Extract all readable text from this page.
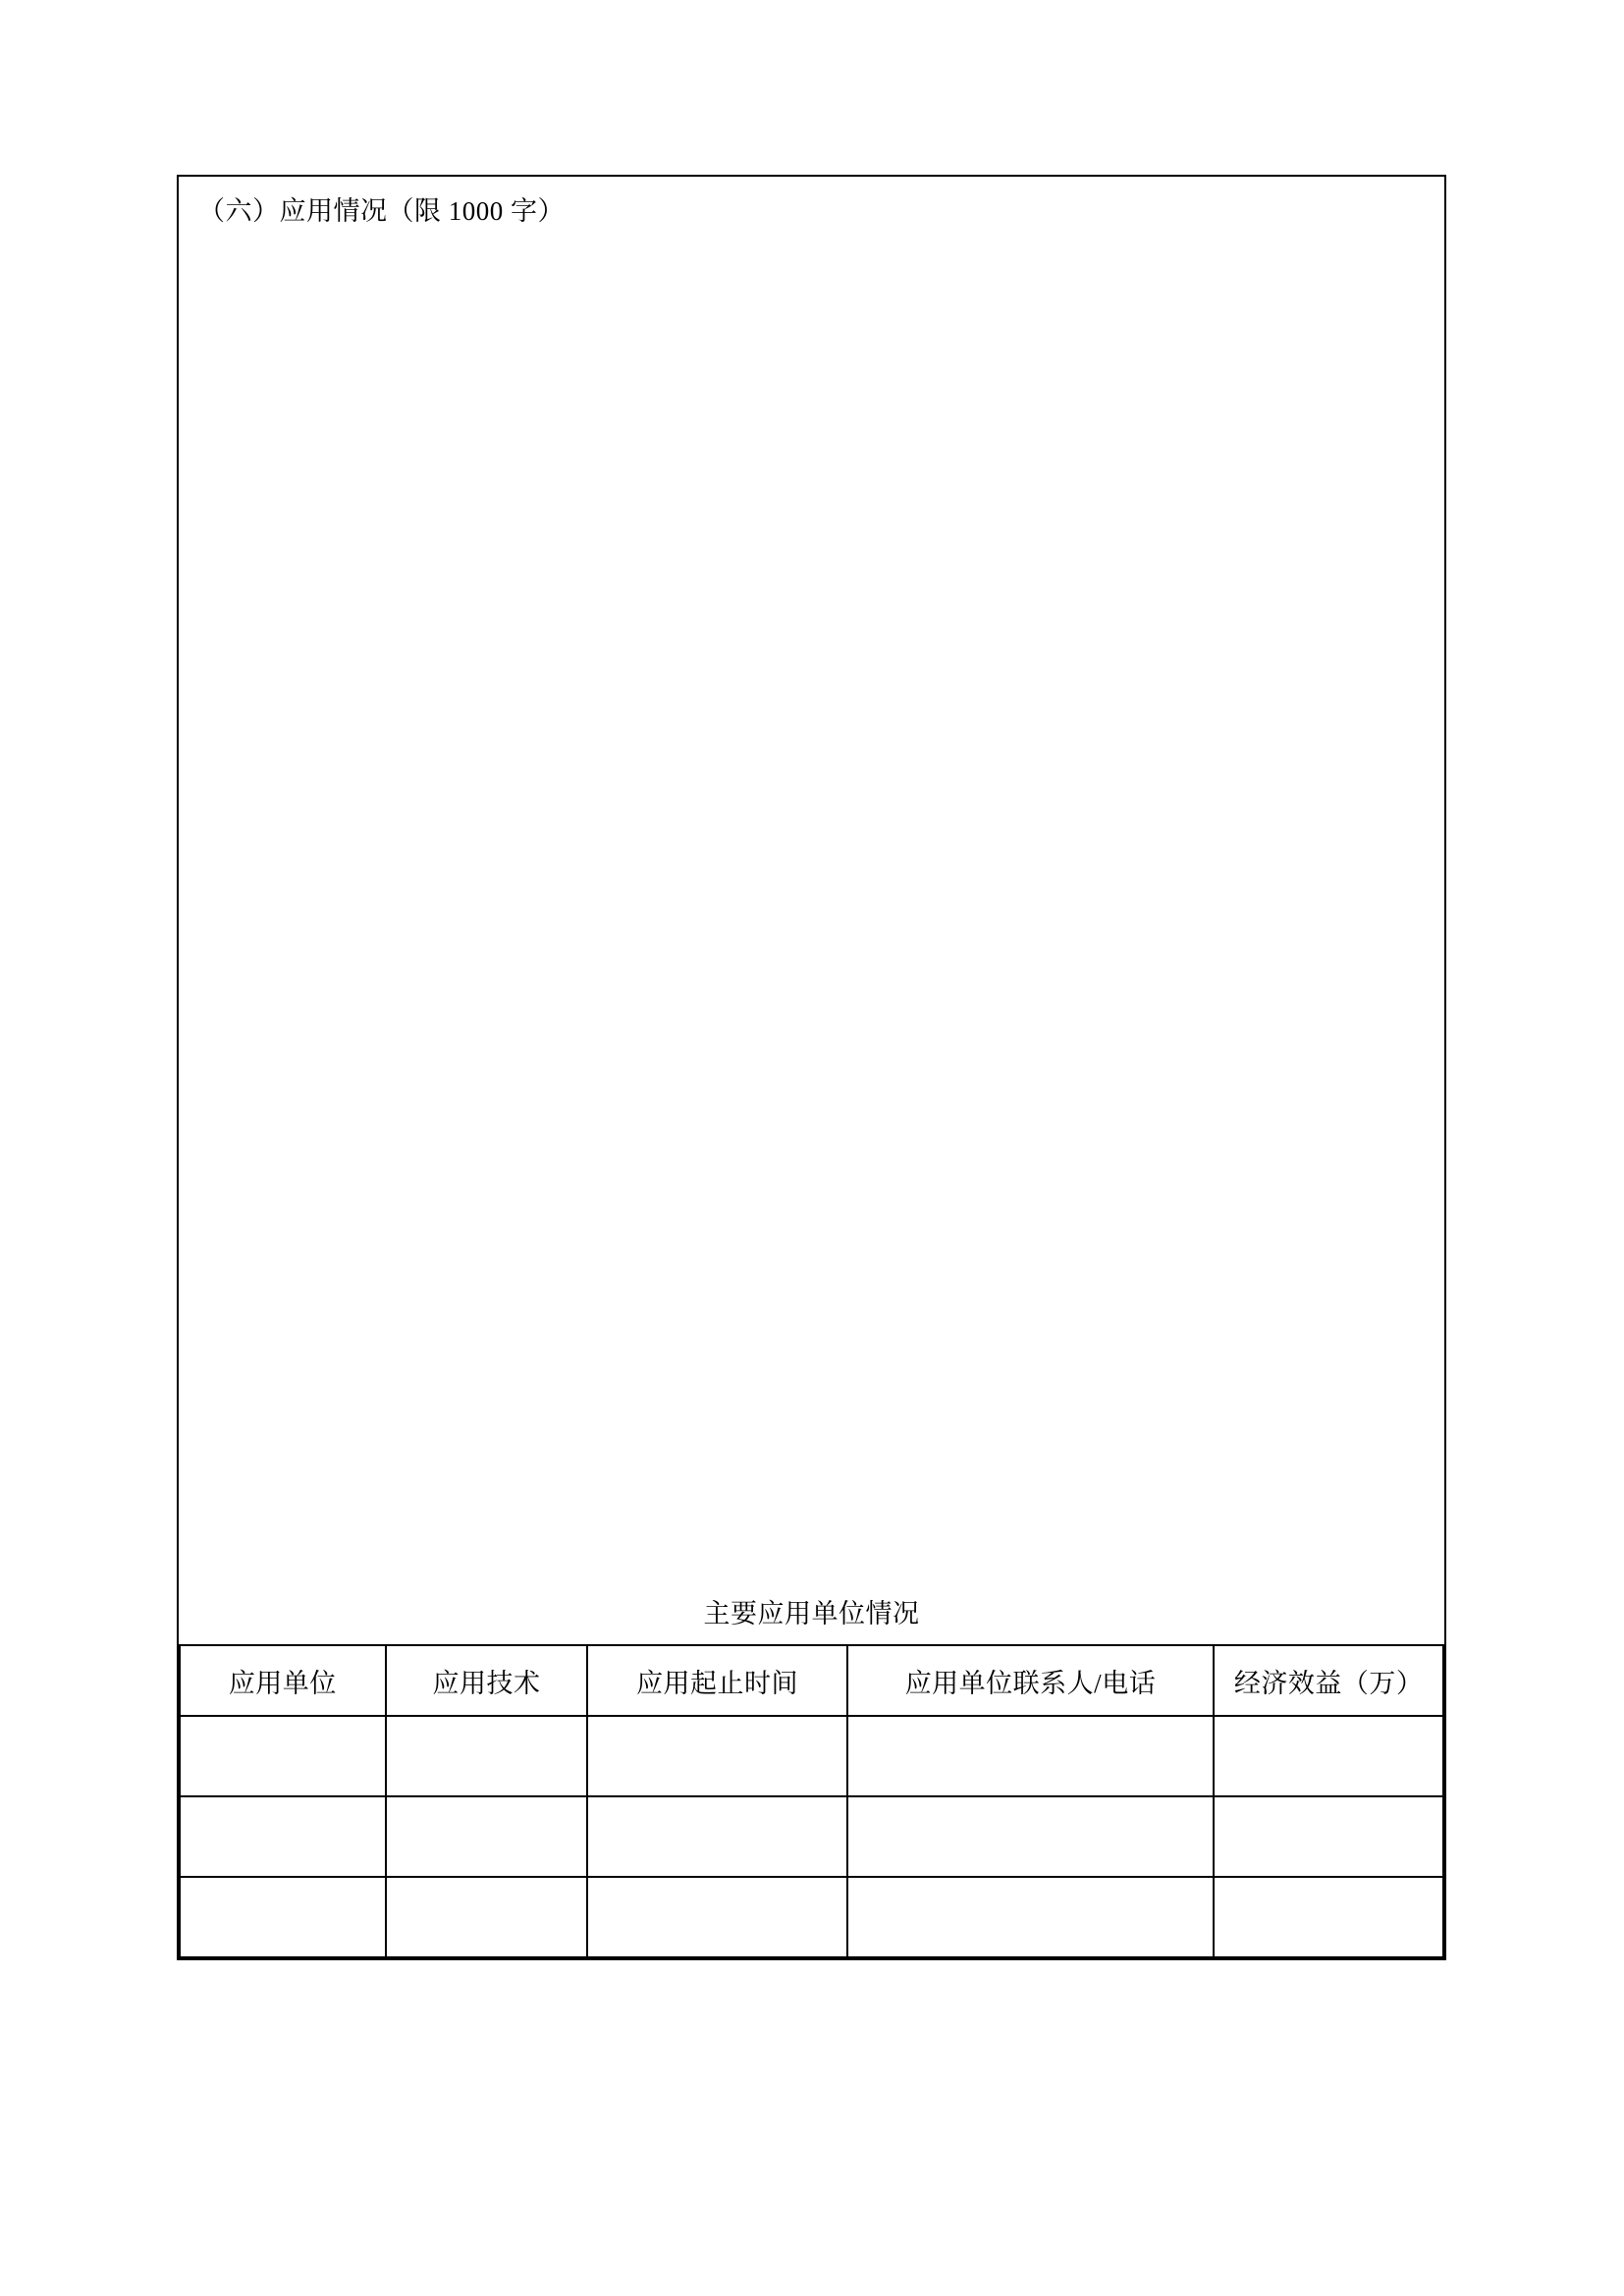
（六）应用情况（限 1000 字）
主要应用单位情况
应用单位	应用技术	应用起止时间	应用单位联系人/电话	经济效益（万）
